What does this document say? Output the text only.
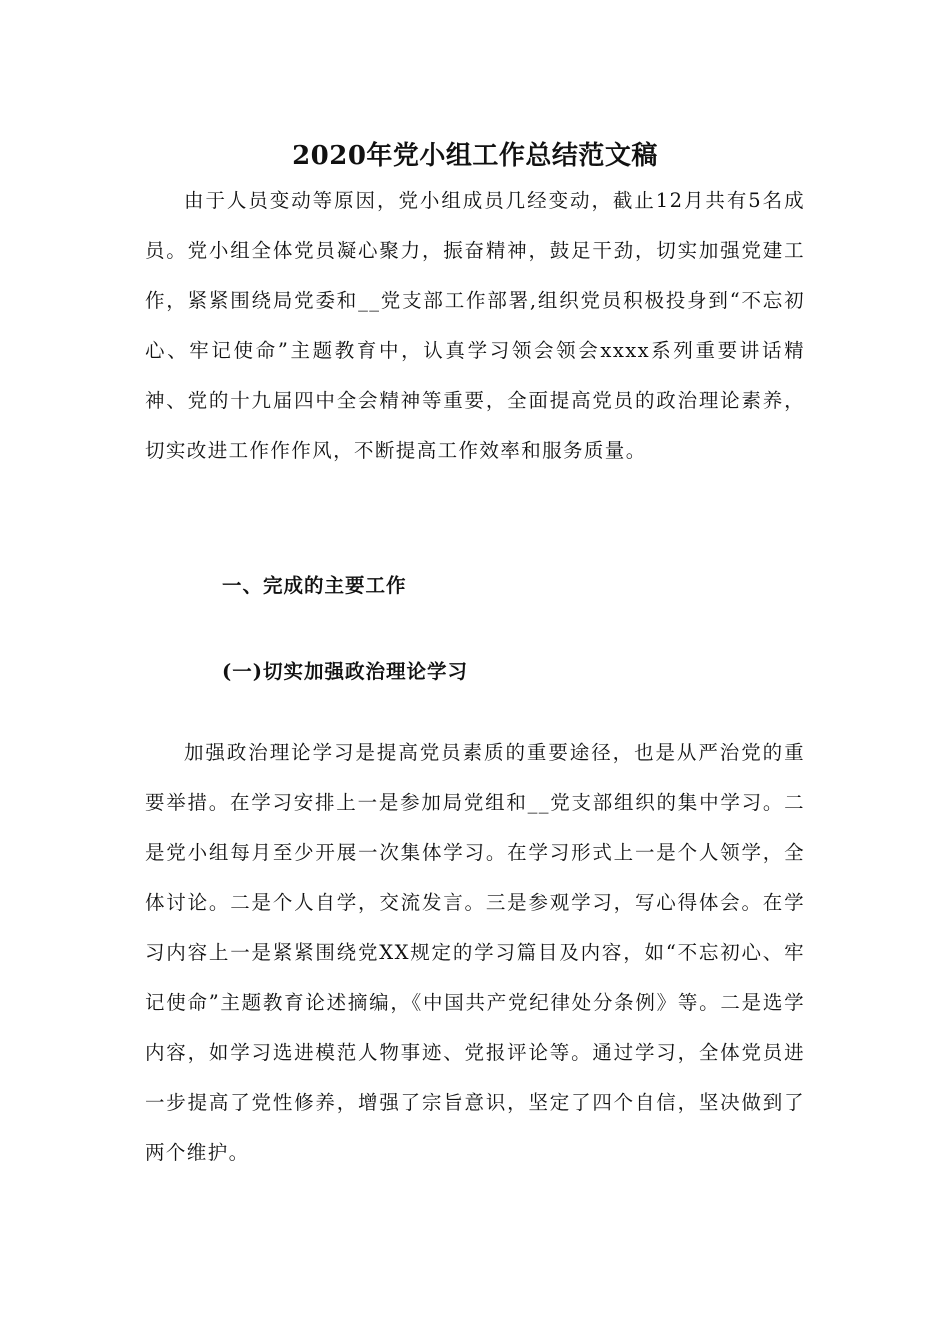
2020年党小组工作总结范文稿

由于人员变动等原因，党小组成员几经变动，截止12月共有5名成员。党小组全体党员凝心聚力，振奋精神，鼓足干劲，切实加强党建工作，紧紧围绕局党委和__党支部工作部署,组织党员积极投身到“不忘初心、牢记使命”主题教育中，认真学习领会领会xxxx系列重要讲话精神、党的十九届四中全会精神等重要，全面提高党员的政治理论素养，切实改进工作作作风，不断提高工作效率和服务质量。

一、完成的主要工作
(一)切实加强政治理论学习

加强政治理论学习是提高党员素质的重要途径，也是从严治党的重要举措。在学习安排上一是参加局党组和__党支部组织的集中学习。二是党小组每月至少开展一次集体学习。在学习形式上一是个人领学，全体讨论。二是个人自学，交流发言。三是参观学习，写心得体会。在学习内容上一是紧紧围绕党XX规定的学习篇目及内容，如“不忘初心、牢记使命”主题教育论述摘编，《中国共产党纪律处分条例》等。二是选学内容，如学习选进模范人物事迹、党报评论等。通过学习，全体党员进一步提高了党性修养，增强了宗旨意识，坚定了四个自信，坚决做到了两个维护。
